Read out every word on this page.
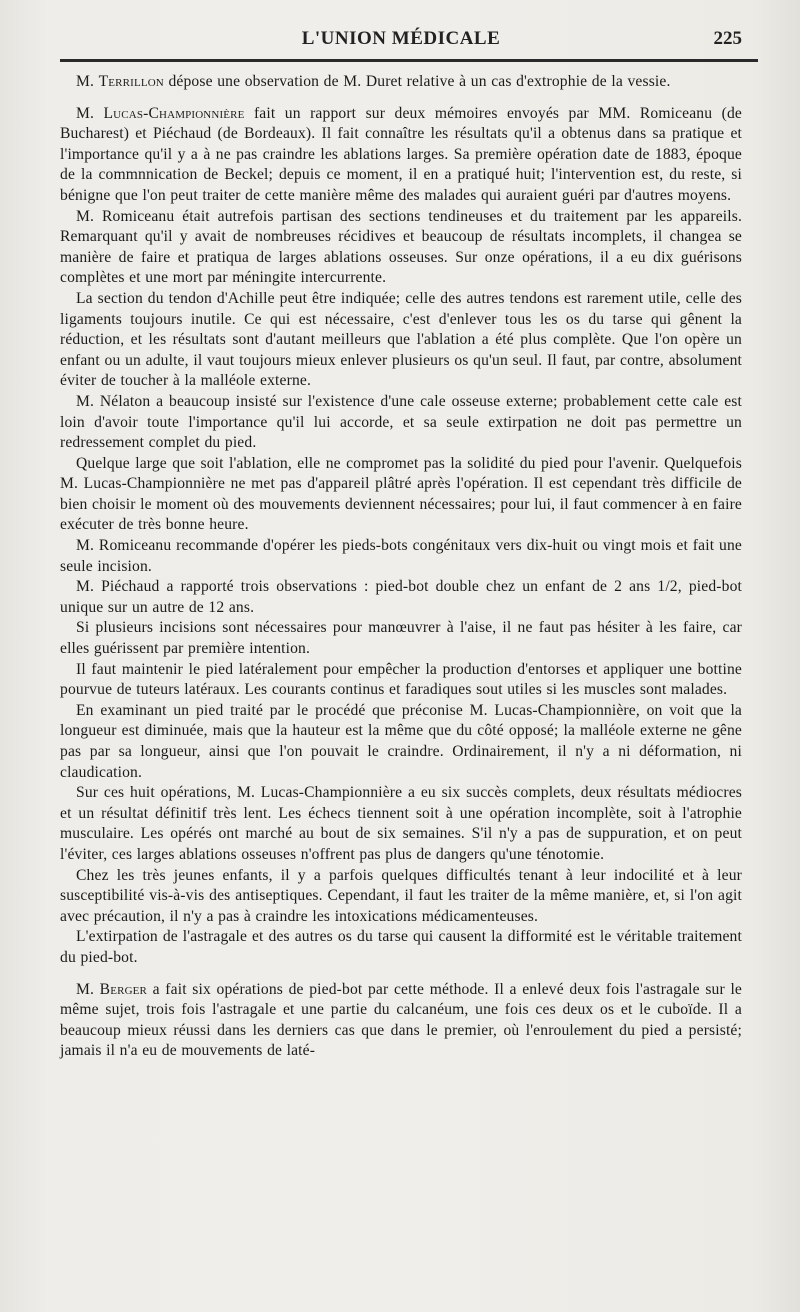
L'UNION MÉDICALE	225

M. Terrillon dépose une observation de M. Duret relative à un cas d'extrophie de la vessie.

M. Lucas-Championnière fait un rapport sur deux mémoires envoyés par MM. Romiceanu (de Bucharest) et Piéchaud (de Bordeaux). Il fait connaître les résultats qu'il a obtenus dans sa pratique et l'importance qu'il y a à ne pas craindre les ablations larges. Sa première opération date de 1883, époque de la commnnication de Beckel; depuis ce moment, il en a pratiqué huit; l'intervention est, du reste, si bénigne que l'on peut traiter de cette manière même des malades qui auraient guéri par d'autres moyens.

M. Romiceanu était autrefois partisan des sections tendineuses et du traitement par les appareils. Remarquant qu'il y avait de nombreuses récidives et beaucoup de résultats incomplets, il changea se manière de faire et pratiqua de larges ablations osseuses. Sur onze opérations, il a eu dix guérisons complètes et une mort par méningite intercurrente.

La section du tendon d'Achille peut être indiquée; celle des autres tendons est rarement utile, celle des ligaments toujours inutile. Ce qui est nécessaire, c'est d'enlever tous les os du tarse qui gênent la réduction, et les résultats sont d'autant meilleurs que l'ablation a été plus complète. Que l'on opère un enfant ou un adulte, il vaut toujours mieux enlever plusieurs os qu'un seul. Il faut, par contre, absolument éviter de toucher à la malléole externe.

M. Nélaton a beaucoup insisté sur l'existence d'une cale osseuse externe; probablement cette cale est loin d'avoir toute l'importance qu'il lui accorde, et sa seule extirpation ne doit pas permettre un redressement complet du pied.

Quelque large que soit l'ablation, elle ne compromet pas la solidité du pied pour l'avenir. Quelquefois M. Lucas-Championnière ne met pas d'appareil plâtré après l'opération. Il est cependant très difficile de bien choisir le moment où des mouvements deviennent nécessaires; pour lui, il faut commencer à en faire exécuter de très bonne heure.

M. Romiceanu recommande d'opérer les pieds-bots congénitaux vers dix-huit ou vingt mois et fait une seule incision.

M. Piéchaud a rapporté trois observations : pied-bot double chez un enfant de 2 ans 1/2, pied-bot unique sur un autre de 12 ans.

Si plusieurs incisions sont nécessaires pour manœuvrer à l'aise, il ne faut pas hésiter à les faire, car elles guérissent par première intention.

Il faut maintenir le pied latéralement pour empêcher la production d'entorses et appliquer une bottine pourvue de tuteurs latéraux. Les courants continus et faradiques sout utiles si les muscles sont malades.

En examinant un pied traité par le procédé que préconise M. Lucas-Championnière, on voit que la longueur est diminuée, mais que la hauteur est la même que du côté opposé; la malléole externe ne gêne pas par sa longueur, ainsi que l'on pouvait le craindre. Ordinairement, il n'y a ni déformation, ni claudication.

Sur ces huit opérations, M. Lucas-Championnière a eu six succès complets, deux résultats médiocres et un résultat définitif très lent. Les échecs tiennent soit à une opération incomplète, soit à l'atrophie musculaire. Les opérés ont marché au bout de six semaines. S'il n'y a pas de suppuration, et on peut l'éviter, ces larges ablations osseuses n'offrent pas plus de dangers qu'une ténotomie.

Chez les très jeunes enfants, il y a parfois quelques difficultés tenant à leur indocilité et à leur susceptibilité vis-à-vis des antiseptiques. Cependant, il faut les traiter de la même manière, et, si l'on agit avec précaution, il n'y a pas à craindre les intoxications médicamenteuses.

L'extirpation de l'astragale et des autres os du tarse qui causent la difformité est le véritable traitement du pied-bot.

M. Berger a fait six opérations de pied-bot par cette méthode. Il a enlevé deux fois l'astragale sur le même sujet, trois fois l'astragale et une partie du calcanéum, une fois ces deux os et le cuboïde. Il a beaucoup mieux réussi dans les derniers cas que dans le premier, où l'enroulement du pied a persisté; jamais il n'a eu de mouvements de laté-
